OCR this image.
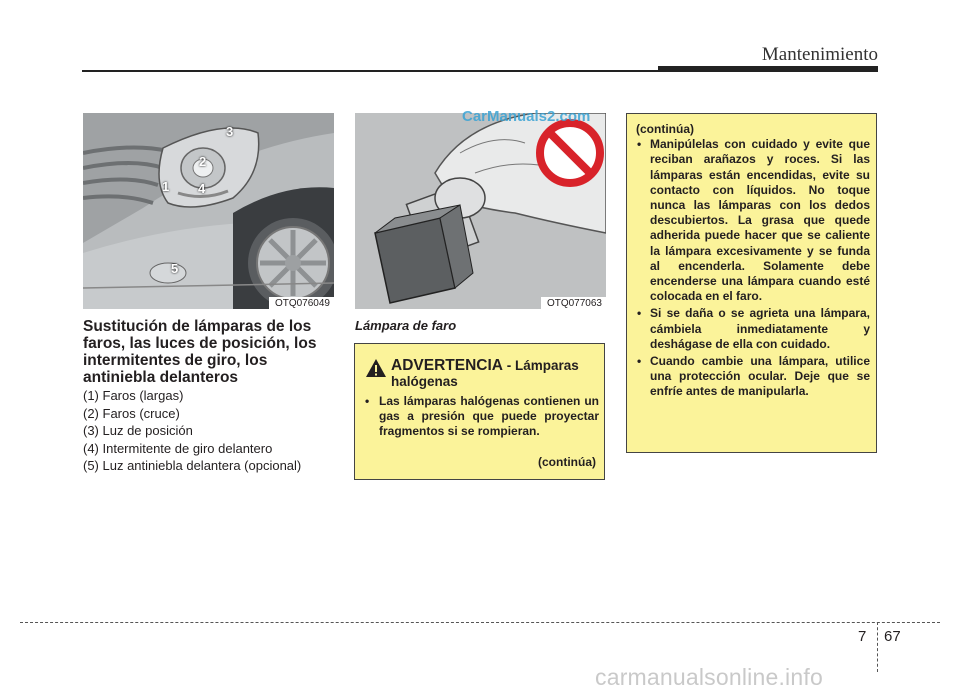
Mantenimiento
1
2
3
4
5
OTQ076049	OTQ077063
CarManuals2.com
Sustitución de lámparas de los faros, las luces de posición, los intermitentes de giro, los antiniebla delanteros
(1) Faros (largas)
(2) Faros (cruce)
(3) Luz de posición
(4) Intermitente de giro delantero
(5) Luz antiniebla delantera (opcional)
Lámpara de faro
ADVERTENCIA - Lámparas
halógenas
• Las lámparas halógenas contienen un gas a presión que puede proyectar fragmentos si se rompieran.
(continúa)

(continúa)

• Manipúlelas con cuidado y evite que reciban arañazos y roces. Si las lámparas están encendidas, evite su contacto con líquidos. No toque nunca las lámparas con los dedos descubiertos. La grasa que quede adherida puede hacer que se caliente la lámpara excesivamente y se funda al encenderla. Solamente debe encenderse una lámpara cuando esté colocada en el faro.

• Si se daña o se agrieta una lámpara, cámbiela inmediatamente y deshágase de ella con cuidado.

• Cuando cambie una lámpara, utilice una protección ocular. Deje que se enfríe antes de manipularla.

7 67
carmanualsonline.info
